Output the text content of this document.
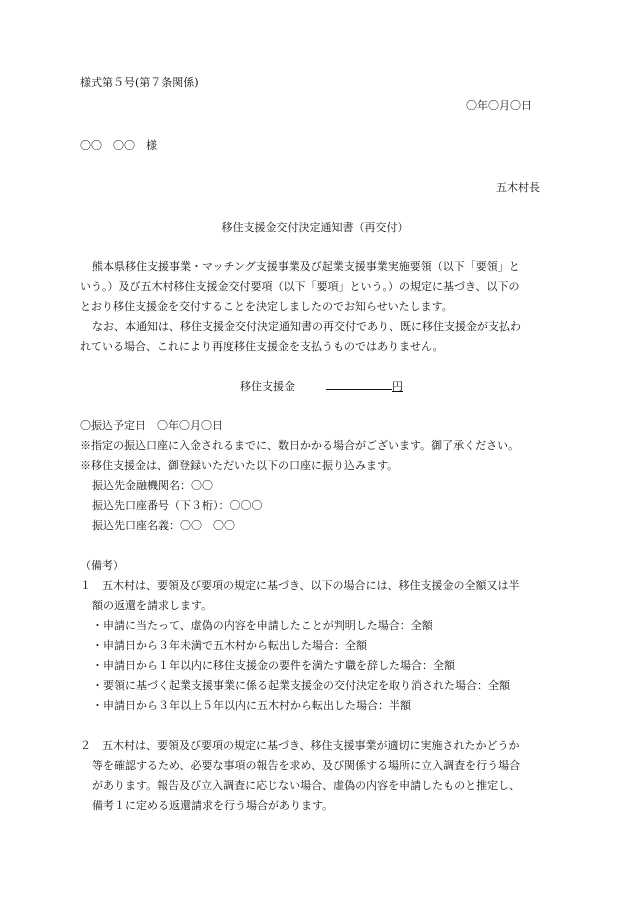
様式第５号(第７条関係)
〇年〇月〇日
〇〇　〇〇　様
五木村長
移住支援金交付決定通知書（再交付）
熊本県移住支援事業・マッチング支援事業及び起業支援事業実施要領（以下「要領」と
いう。）及び五木村移住支援金交付要項（以下「要項」という。）の規定に基づき、以下の
とおり移住支援金を交付することを決定しましたのでお知らせいたします。
なお、本通知は、移住支援金交付決定通知書の再交付であり、既に移住支援金が支払わ
れている場合、これにより再度移住支援金を支払うものではありません。
移住支援金	円
〇振込予定日　〇年〇月〇日
※指定の振込口座に入金されるまでに、数日かかる場合がございます。御了承ください。
※移住支援金は、御登録いただいた以下の口座に振り込みます。
振込先金融機関名：〇〇
振込先口座番号（下３桁）：〇〇〇
振込先口座名義：〇〇　〇〇
（備考）
１　五木村は、要領及び要項の規定に基づき、以下の場合には、移住支援金の全額又は半
額の返還を請求します。
・申請に当たって、虚偽の内容を申請したことが判明した場合：全額
・申請日から３年未満で五木村から転出した場合：全額
・申請日から１年以内に移住支援金の要件を満たす職を辞した場合：全額
・要領に基づく起業支援事業に係る起業支援金の交付決定を取り消された場合：全額
・申請日から３年以上５年以内に五木村から転出した場合：半額
２　五木村は、要領及び要項の規定に基づき、移住支援事業が適切に実施されたかどうか
等を確認するため、必要な事項の報告を求め、及び関係する場所に立入調査を行う場合
があります。報告及び立入調査に応じない場合、虚偽の内容を申請したものと推定し、
備考１に定める返還請求を行う場合があります。
